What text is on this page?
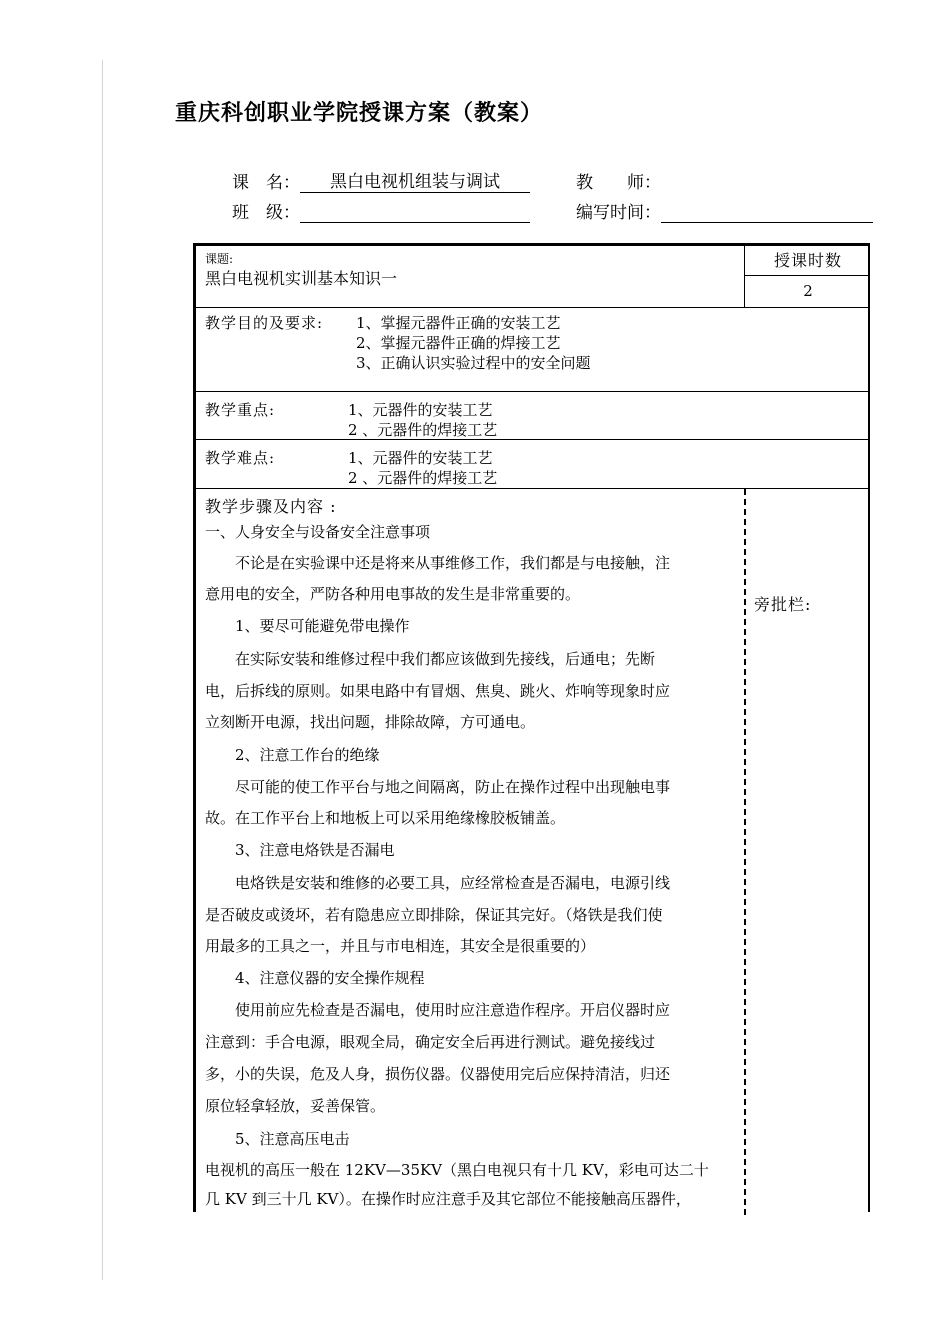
重庆科创职业学院授课方案（教案）
课　名： 黑白电视机组装与调试	教　　师：
班　级：	编写时间：
课题:
黑白电视机实训基本知识一
授课时数
2
教学目的及要求: 1、掌握元器件正确的安装工艺
2、掌握元器件正确的焊接工艺
3、正确认识实验过程中的安全问题
教学重点:	1、元器件的安装工艺
2 、元器件的焊接工艺
教学难点:	1、元器件的安装工艺
2 、元器件的焊接工艺
教学步骤及内容 :
旁批栏:
一、人身安全与设备安全注意事项
　　不论是在实验课中还是将来从事维修工作，我们都是与电接触，注
意用电的安全，严防各种用电事故的发生是非常重要的。
　　1、要尽可能避免带电操作
　　在实际安装和维修过程中我们都应该做到先接线，后通电；先断
电，后拆线的原则。如果电路中有冒烟、焦臭、跳火、炸响等现象时应
立刻断开电源，找出问题，排除故障，方可通电。
　　2、注意工作台的绝缘
　　尽可能的使工作平台与地之间隔离，防止在操作过程中出现触电事
故。在工作平台上和地板上可以采用绝缘橡胶板铺盖。
　　3、注意电烙铁是否漏电
　　电烙铁是安装和维修的必要工具，应经常检查是否漏电，电源引线
是否破皮或烫坏，若有隐患应立即排除，保证其完好。（烙铁是我们使
用最多的工具之一，并且与市电相连，其安全是很重要的）
　　4、注意仪器的安全操作规程
　　使用前应先检查是否漏电，使用时应注意造作程序。开启仪器时应
注意到：手合电源，眼观全局，确定安全后再进行测试。避免接线过
多，小的失误，危及人身，损伤仪器。仪器使用完后应保持清洁，归还
原位轻拿轻放，妥善保管。
　　5、注意高压电击
电视机的高压一般在 12KV—35KV（黑白电视只有十几 KV，彩电可达二十
几 KV 到三十几 KV）。在操作时应注意手及其它部位不能接触高压器件，
